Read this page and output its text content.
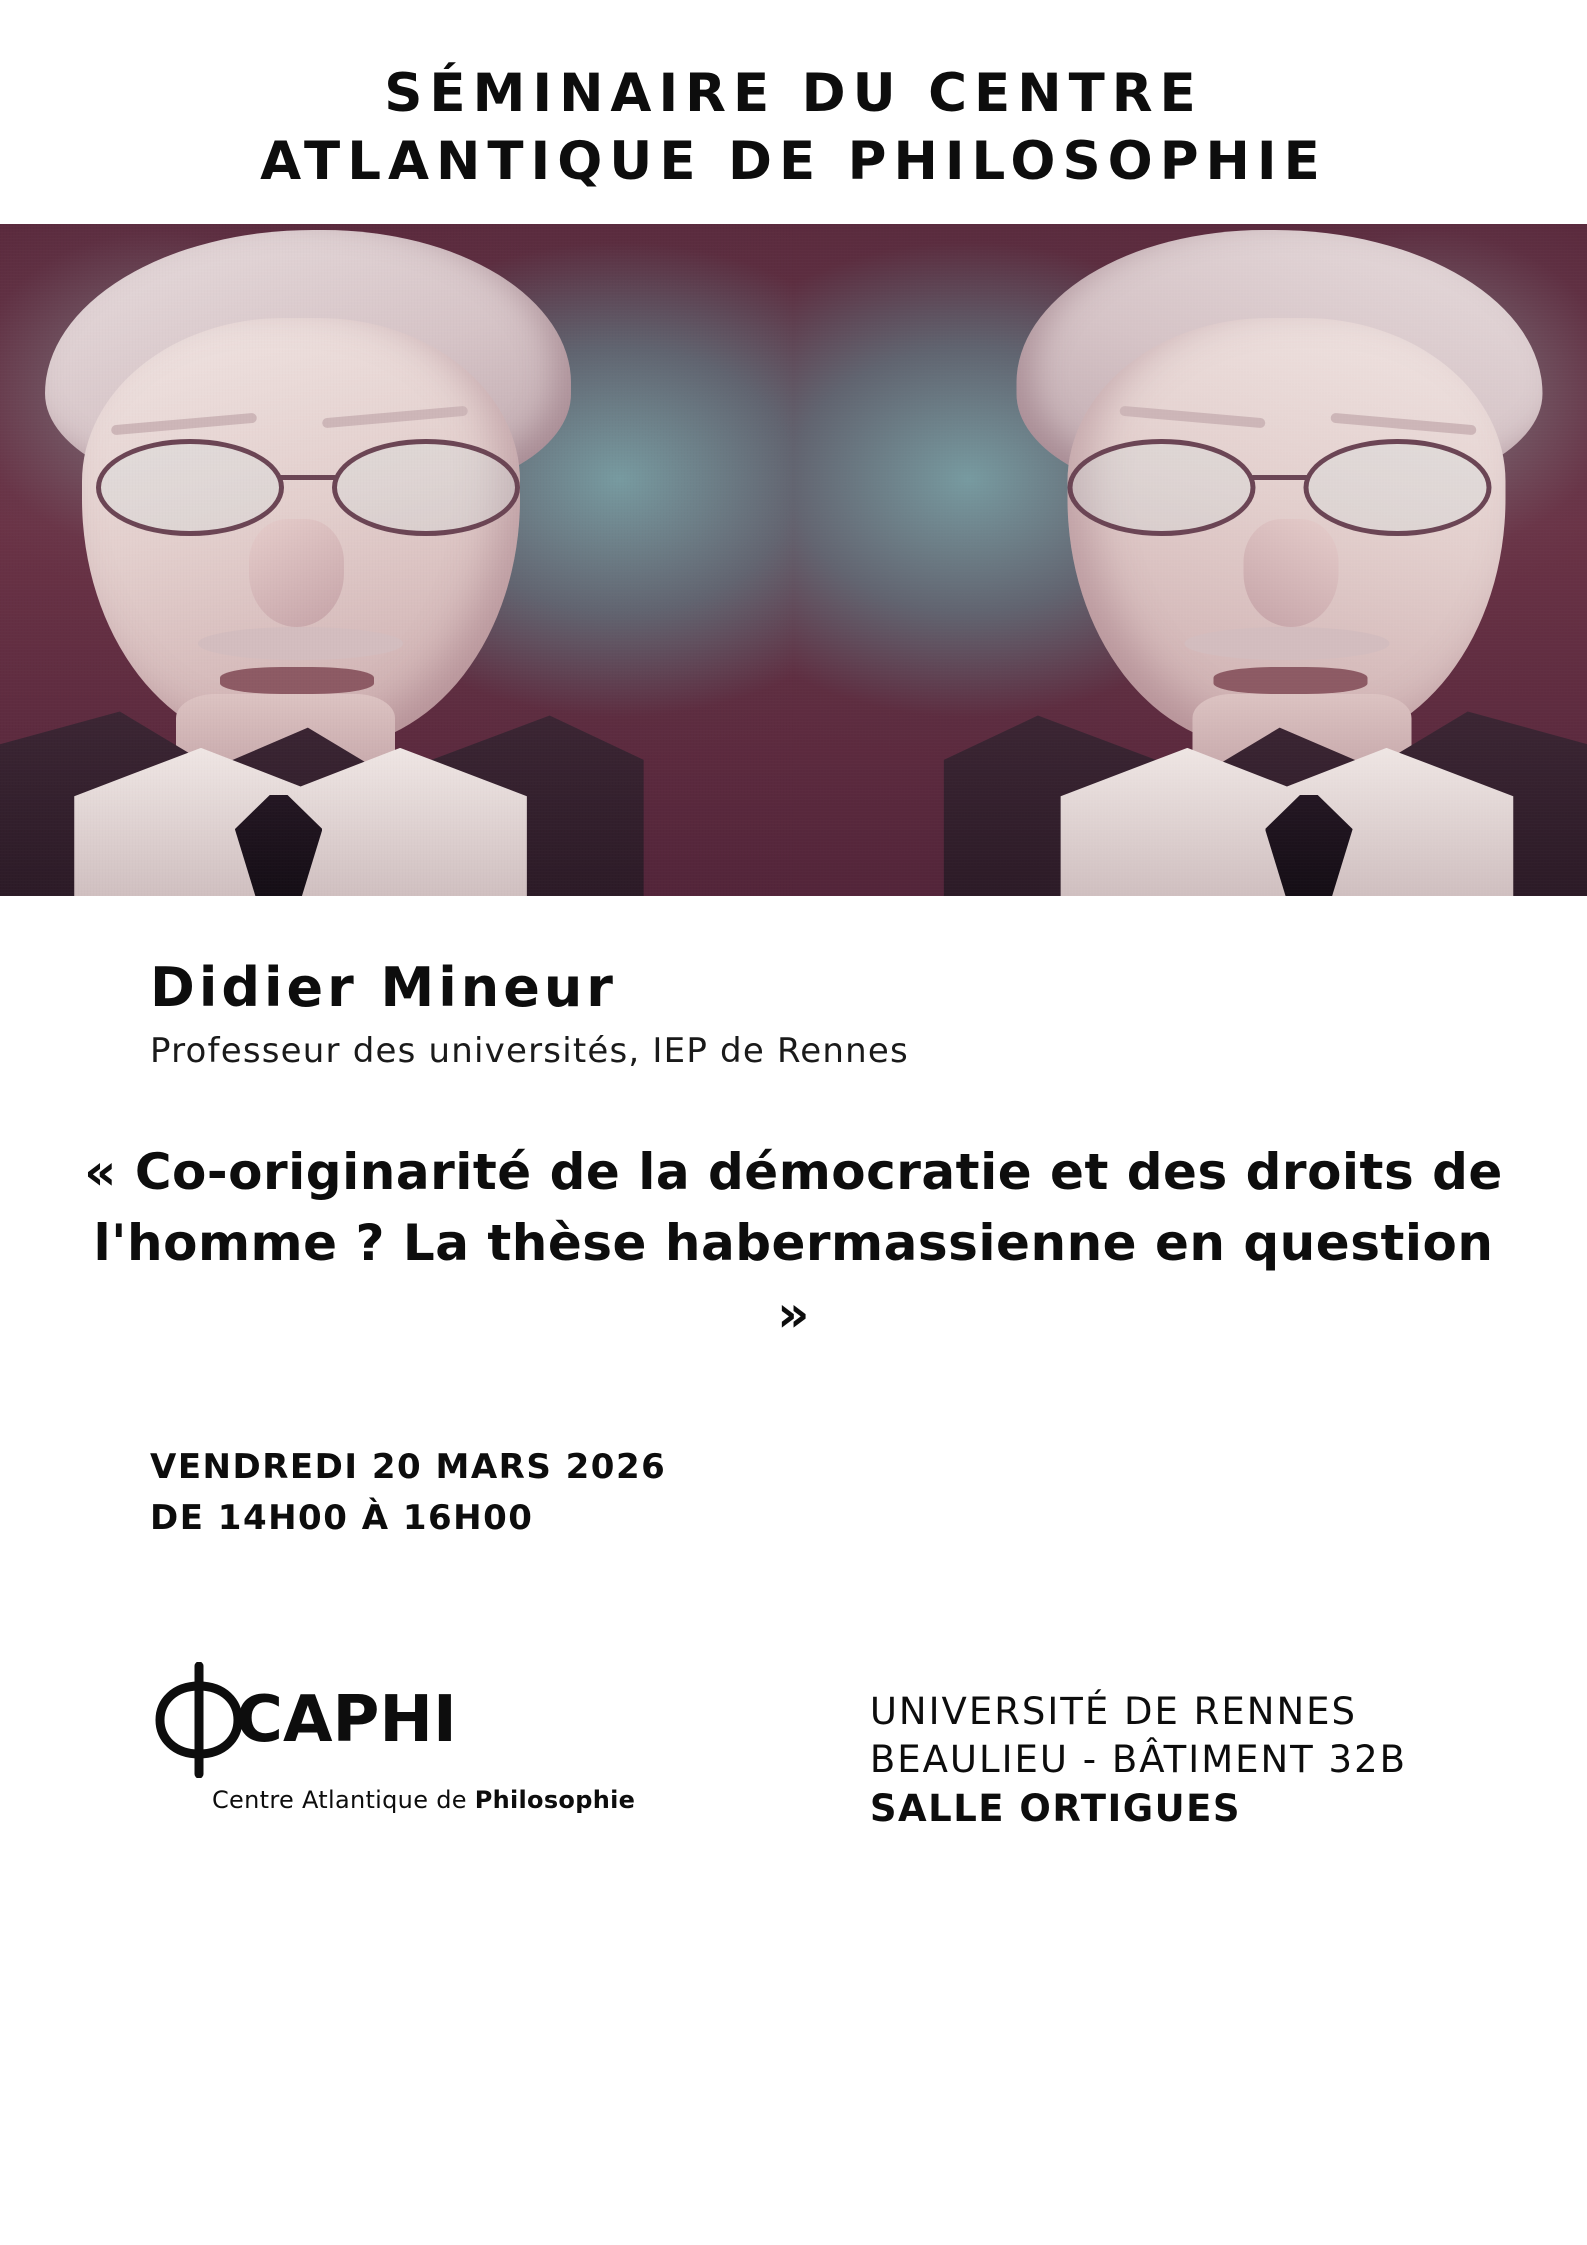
SÉMINAIRE DU CENTRE
ATLANTIQUE DE PHILOSOPHIE
Didier Mineur
Professeur des universités, IEP de Rennes
« Co-originarité de la démocratie et des droits de l'homme ? La thèse habermassienne en question »
VENDREDI 20 MARS 2026
DE 14H00 À 16H00
CAPHI
Centre Atlantique de Philosophie
UNIVERSITÉ DE RENNES
BEAULIEU - BÂTIMENT 32B
SALLE ORTIGUES
